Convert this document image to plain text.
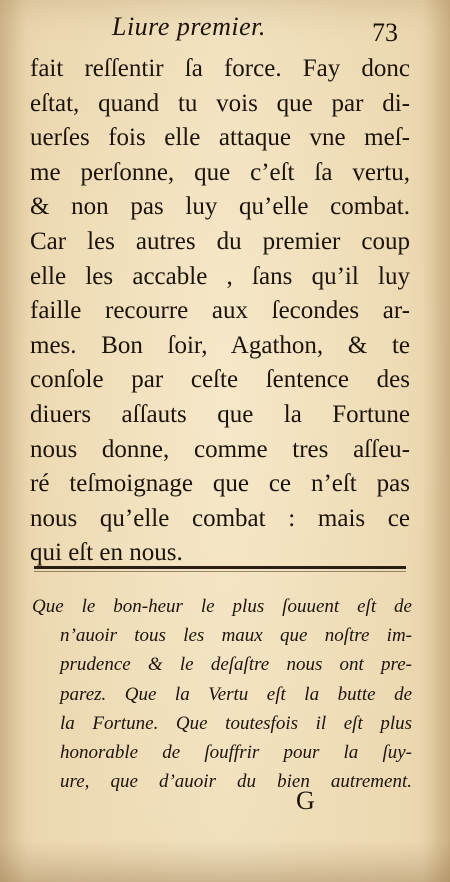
Liure premier.	73
fait reſſentir ſa force. Fay donc
eſtat, quand tu vois que par di-
uerſes fois elle attaque vne meſ-
me perſonne, que c’eſt ſa vertu,
& non pas luy qu’elle combat.
Car les autres du premier coup
elle les accable , ſans qu’il luy
faille recourre aux ſecondes ar-
mes. Bon ſoir, Agathon, & te
conſole par ceſte ſentence des
diuers aſſauts que la Fortune
nous donne, comme tres aſſeu-
ré teſmoignage que ce n’eſt pas
nous qu’elle combat : mais ce
qui eſt en nous.
Que le bon-heur le plus ſouuent eſt de
n’auoir tous les maux que noſtre im-
prudence & le deſaſtre nous ont pre-
parez. Que la Vertu eſt la butte de
la Fortune. Que toutesfois il eſt plus
honorable de ſouffrir pour la ſuy-
ure, que d’auoir du bien autrement.
G
